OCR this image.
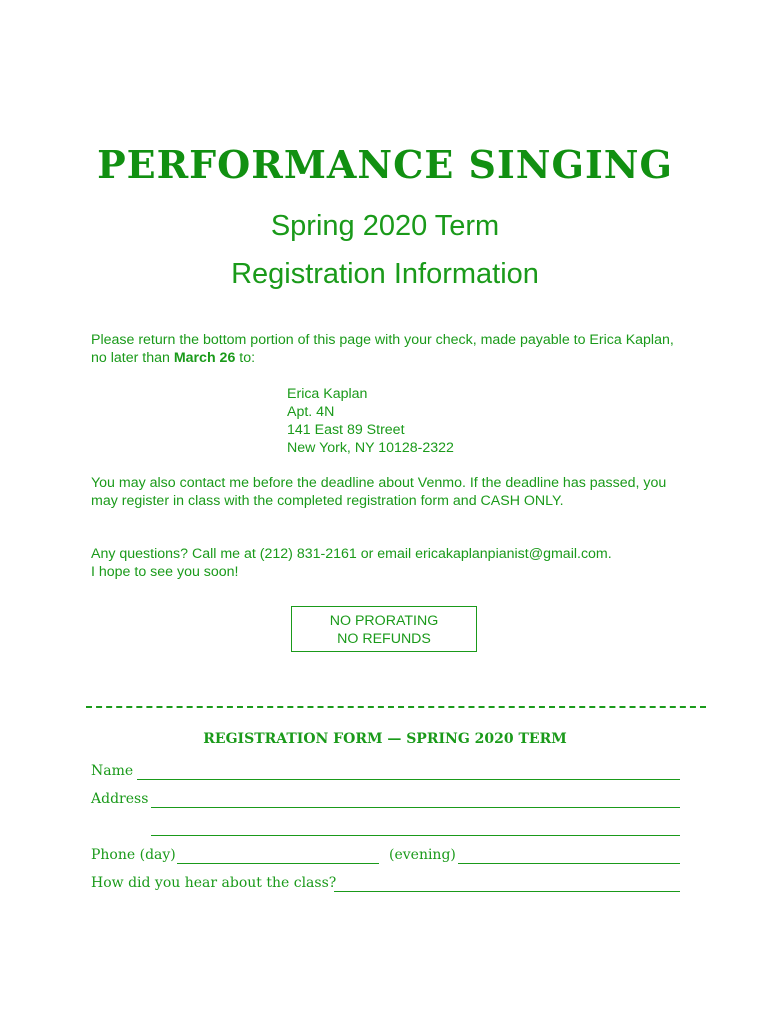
PERFORMANCE SINGING
Spring 2020 Term
Registration Information
Please return the bottom portion of this page with your check, made payable to Erica Kaplan, no later than March 26 to:
Erica Kaplan
Apt. 4N
141 East 89 Street
New York, NY 10128-2322
You may also contact me before the deadline about Venmo. If the deadline has passed, you may register in class with the completed registration form and CASH ONLY.
Any questions? Call me at (212) 831-2161 or email ericakaplanpianist@gmail.com.
I hope to see you soon!
NO PRORATING
NO REFUNDS
REGISTRATION FORM — SPRING 2020 TERM
Name
Address
Phone (day)	(evening)
How did you hear about the class?
